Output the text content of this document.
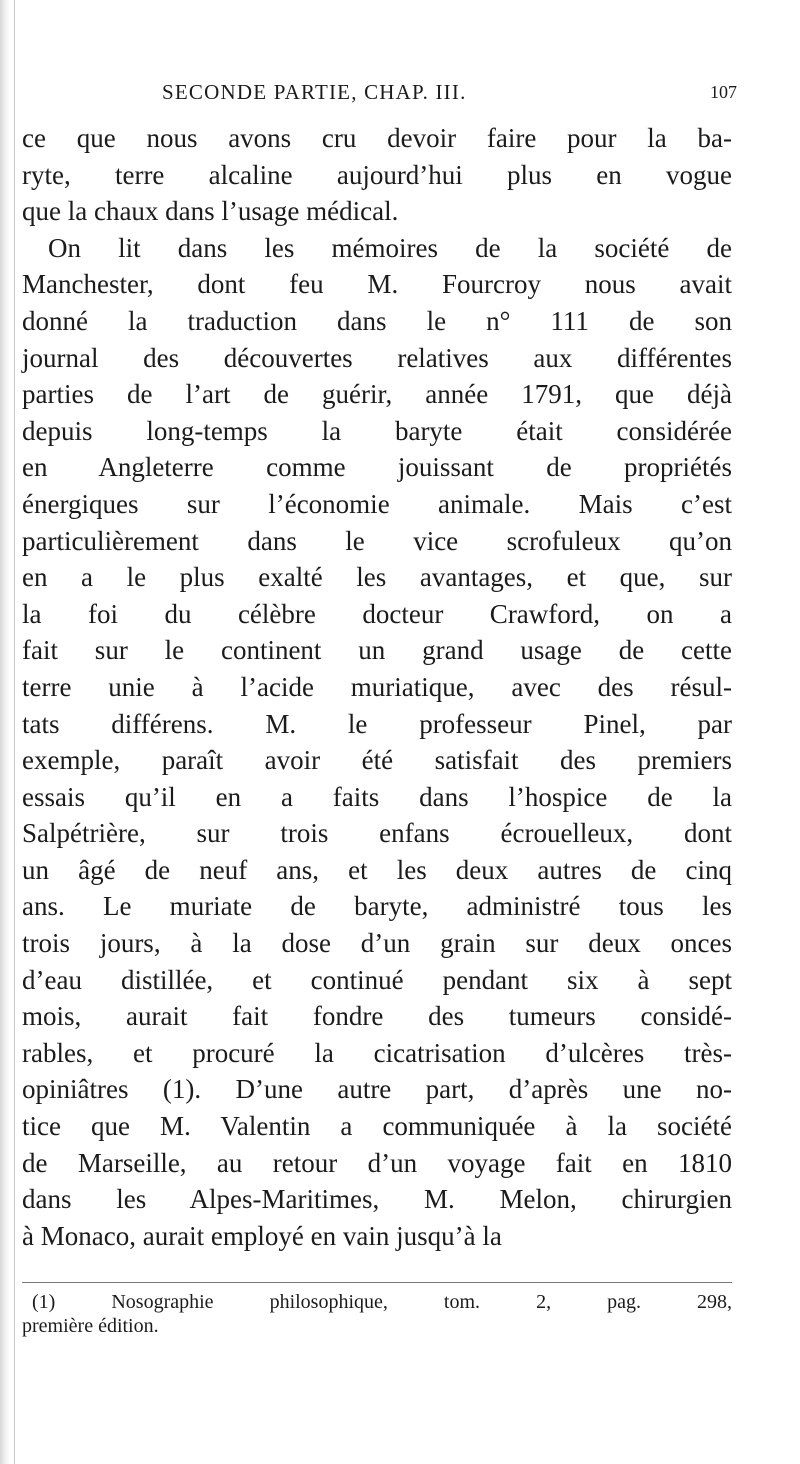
SECONDE PARTIE, CHAP. III.	107
ce que nous avons cru devoir faire pour la ba-
ryte, terre alcaline aujourd’hui plus en vogue
que la chaux dans l’usage médical.
On lit dans les mémoires de la société de
Manchester, dont feu M. Fourcroy nous avait
donné la traduction dans le n° 111 de son
journal des découvertes relatives aux différentes
parties de l’art de guérir, année 1791, que déjà
depuis long-temps la baryte était considérée
en Angleterre comme jouissant de propriétés
énergiques sur l’économie animale. Mais c’est
particulièrement dans le vice scrofuleux qu’on
en a le plus exalté les avantages, et que, sur
la foi du célèbre docteur Crawford, on a
fait sur le continent un grand usage de cette
terre unie à l’acide muriatique, avec des résul-
tats différens. M. le professeur Pinel, par
exemple, paraît avoir été satisfait des premiers
essais qu’il en a faits dans l’hospice de la
Salpétrière, sur trois enfans écrouelleux, dont
un âgé de neuf ans, et les deux autres de cinq
ans. Le muriate de baryte, administré tous les
trois jours, à la dose d’un grain sur deux onces
d’eau distillée, et continué pendant six à sept
mois, aurait fait fondre des tumeurs considé-
rables, et procuré la cicatrisation d’ulcères très-
opiniâtres (1). D’une autre part, d’après une no-
tice que M. Valentin a communiquée à la société
de Marseille, au retour d’un voyage fait en 1810
dans les Alpes-Maritimes, M. Melon, chirurgien
à Monaco, aurait employé en vain jusqu’à la
(1) Nosographie philosophique, tom. 2, pag. 298,
première édition.
